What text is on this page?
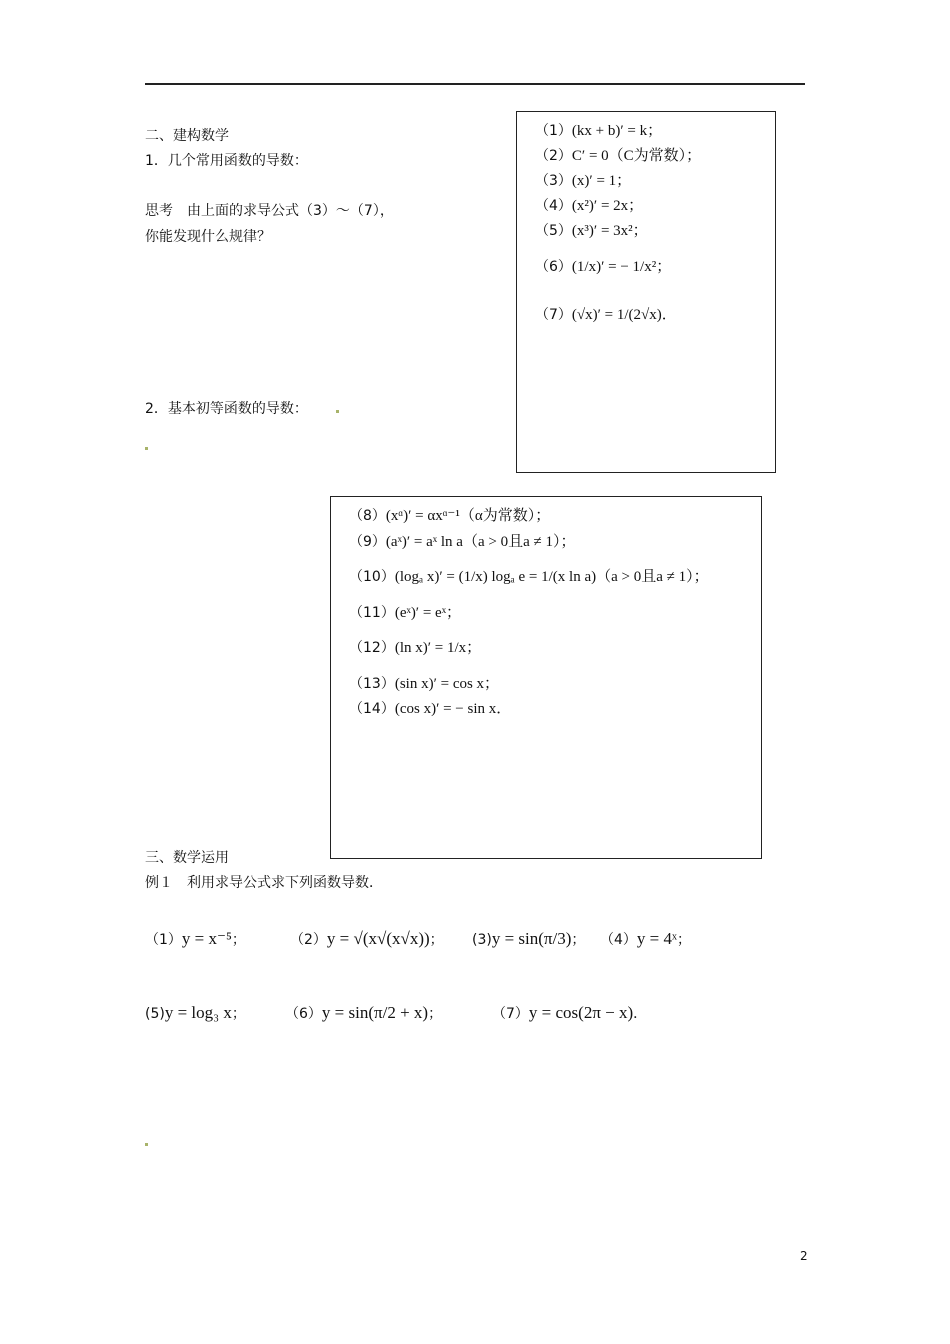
二、建构数学
1．几个常用函数的导数：
思考　由上面的求导公式（3）～（7），
你能发现什么规律？
2．基本初等函数的导数：
（1）(kx + b)′ = k；
（2）C′ = 0（C为常数）；
（3）(x)′ = 1；
（4）(x²)′ = 2x；
（5）(x³)′ = 3x²；
（6）(1/x)′ = − 1/x²；
（7）(√x)′ = 1/(2√x)．
（8）(xᵅ)′ = αxᵅ⁻¹（α为常数）；
（9）(aˣ)′ = aˣ ln a（a > 0且a ≠ 1）；
（10）(logₐ x)′ = (1/x) logₐ e = 1/(x ln a)（a > 0且a ≠ 1）；
（11）(eˣ)′ = eˣ；
（12）(ln x)′ = 1/x；
（13）(sin x)′ = cos x；
（14）(cos x)′ = − sin x．
三、数学运用
例１　利用求导公式求下列函数导数．
（1）y = x⁻⁵；	（2）y = √(x√(x√x))； (3)y = sin(π/3)； （4）y = 4ˣ；
(5)y = log₃ x；	（6）y = sin(π/2 + x)；	（7）y = cos(2π − x)．
2
